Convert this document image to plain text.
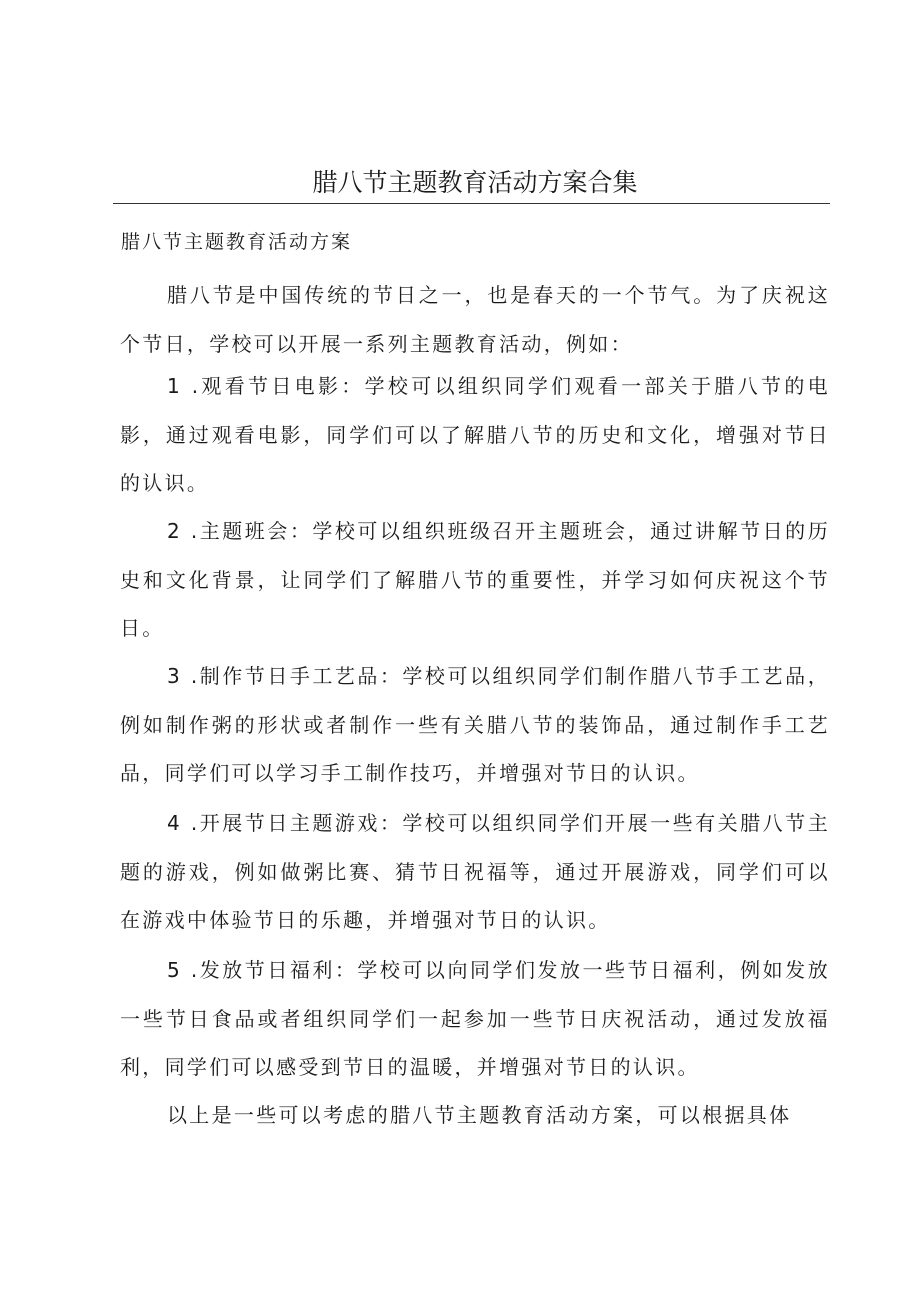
腊八节主题教育活动方案合集
腊八节主题教育活动方案

腊八节是中国传统的节日之一，也是春天的一个节气。为了庆祝这个节日，学校可以开展一系列主题教育活动，例如：

1 .观看节日电影：学校可以组织同学们观看一部关于腊八节的电影，通过观看电影，同学们可以了解腊八节的历史和文化，增强对节日的认识。

2 .主题班会：学校可以组织班级召开主题班会，通过讲解节日的历史和文化背景，让同学们了解腊八节的重要性，并学习如何庆祝这个节日。

3 .制作节日手工艺品：学校可以组织同学们制作腊八节手工艺品，例如制作粥的形状或者制作一些有关腊八节的装饰品，通过制作手工艺品，同学们可以学习手工制作技巧，并增强对节日的认识。

4 .开展节日主题游戏：学校可以组织同学们开展一些有关腊八节主题的游戏，例如做粥比赛、猜节日祝福等，通过开展游戏，同学们可以在游戏中体验节日的乐趣，并增强对节日的认识。

5 .发放节日福利：学校可以向同学们发放一些节日福利，例如发放一些节日食品或者组织同学们一起参加一些节日庆祝活动，通过发放福利，同学们可以感受到节日的温暖，并增强对节日的认识。

以上是一些可以考虑的腊八节主题教育活动方案，可以根据具体
